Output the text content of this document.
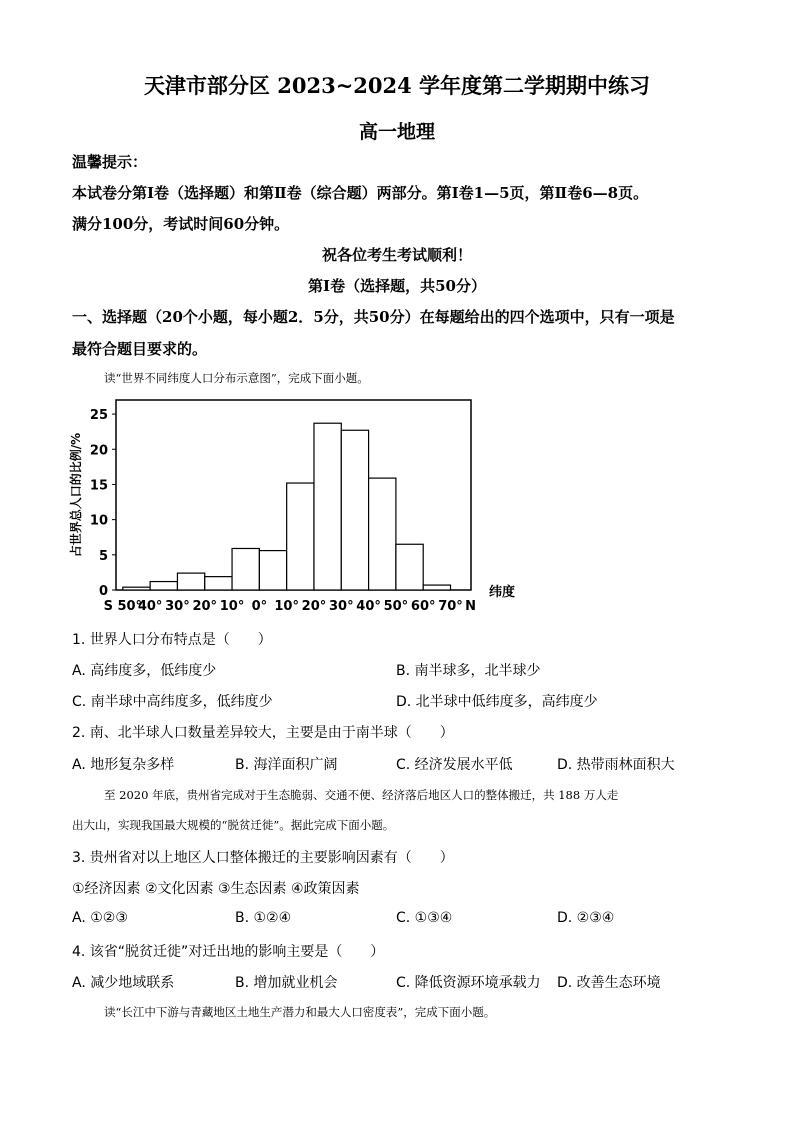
天津市部分区 2023~2024 学年度第二学期期中练习
高一地理
温馨提示：
本试卷分第Ⅰ卷（选择题）和第Ⅱ卷（综合题）两部分。第Ⅰ卷1—5页，第Ⅱ卷6—8页。
满分100分，考试时间60分钟。
祝各位考生考试顺利！
第Ⅰ卷（选择题，共50分）
一、选择题（20个小题，每小题2．5分，共50分）在每题给出的四个选项中，只有一项是
最符合题目要求的。
读“世界不同纬度人口分布示意图”，完成下面小题。
占世界总人口的比例/%
0
5
10
15
20
25
S 50°
40° 30° 20° 10° 0° 10° 20° 30° 40° 50° 60° 70° N
纬度
1. 世界人口分布特点是（　　）
A. 高纬度多，低纬度少	B. 南半球多，北半球少
C. 南半球中高纬度多，低纬度少	D. 北半球中低纬度多，高纬度少
2. 南、北半球人口数量差异较大，主要是由于南半球（　　）
A. 地形复杂多样	B. 海洋面积广阔	C. 经济发展水平低	D. 热带雨林面积大
至 2020 年底，贵州省完成对于生态脆弱、交通不便、经济落后地区人口的整体搬迁，共 188 万人走
出大山，实现我国最大规模的“脱贫迁徙”。据此完成下面小题。
3. 贵州省对以上地区人口整体搬迁的主要影响因素有（　　）
①经济因素 ②文化因素 ③生态因素 ④政策因素
A. ①②③	B. ①②④	C. ①③④	D. ②③④
4. 该省“脱贫迁徙”对迁出地的影响主要是（　　）
A. 减少地域联系	B. 增加就业机会	C. 降低资源环境承载力 D. 改善生态环境
读“长江中下游与青藏地区土地生产潜力和最大人口密度表”，完成下面小题。
